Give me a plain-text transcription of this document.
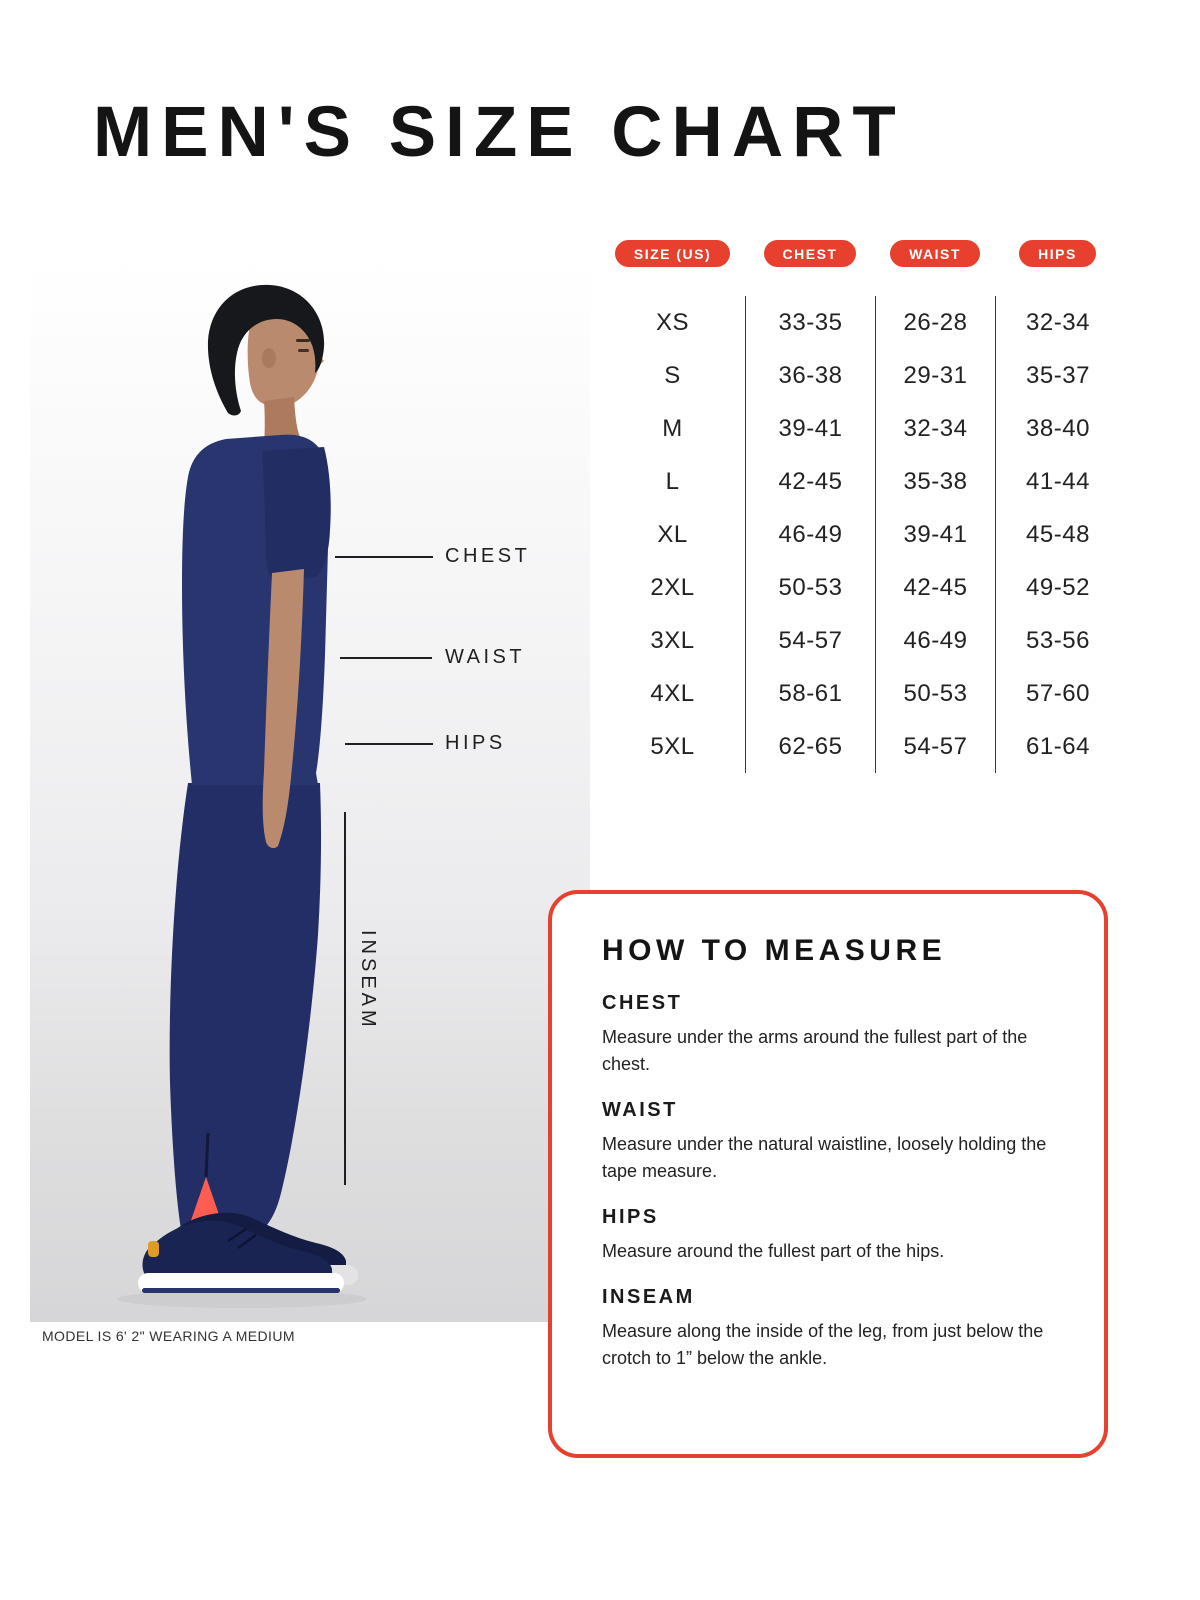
MEN'S SIZE CHART
CHEST
WAIST
HIPS
INSEAM
MODEL IS 6' 2" WEARING A MEDIUM
SIZE (US)	CHEST	WAIST	HIPS
XS	33-35	26-28	32-34
S	36-38	29-31	35-37
M	39-41	32-34	38-40
L	42-45	35-38	41-44
XL	46-49	39-41	45-48
2XL	50-53	42-45	49-52
3XL	54-57	46-49	53-56
4XL	58-61	50-53	57-60
5XL	62-65	54-57	61-64
HOW TO MEASURE
CHEST
Measure under the arms around the fullest part of the chest.
WAIST
Measure under the natural waistline, loosely holding the tape measure.
HIPS
Measure around the fullest part of the hips.
INSEAM
Measure along the inside of the leg, from just below the crotch to 1” below the ankle.
